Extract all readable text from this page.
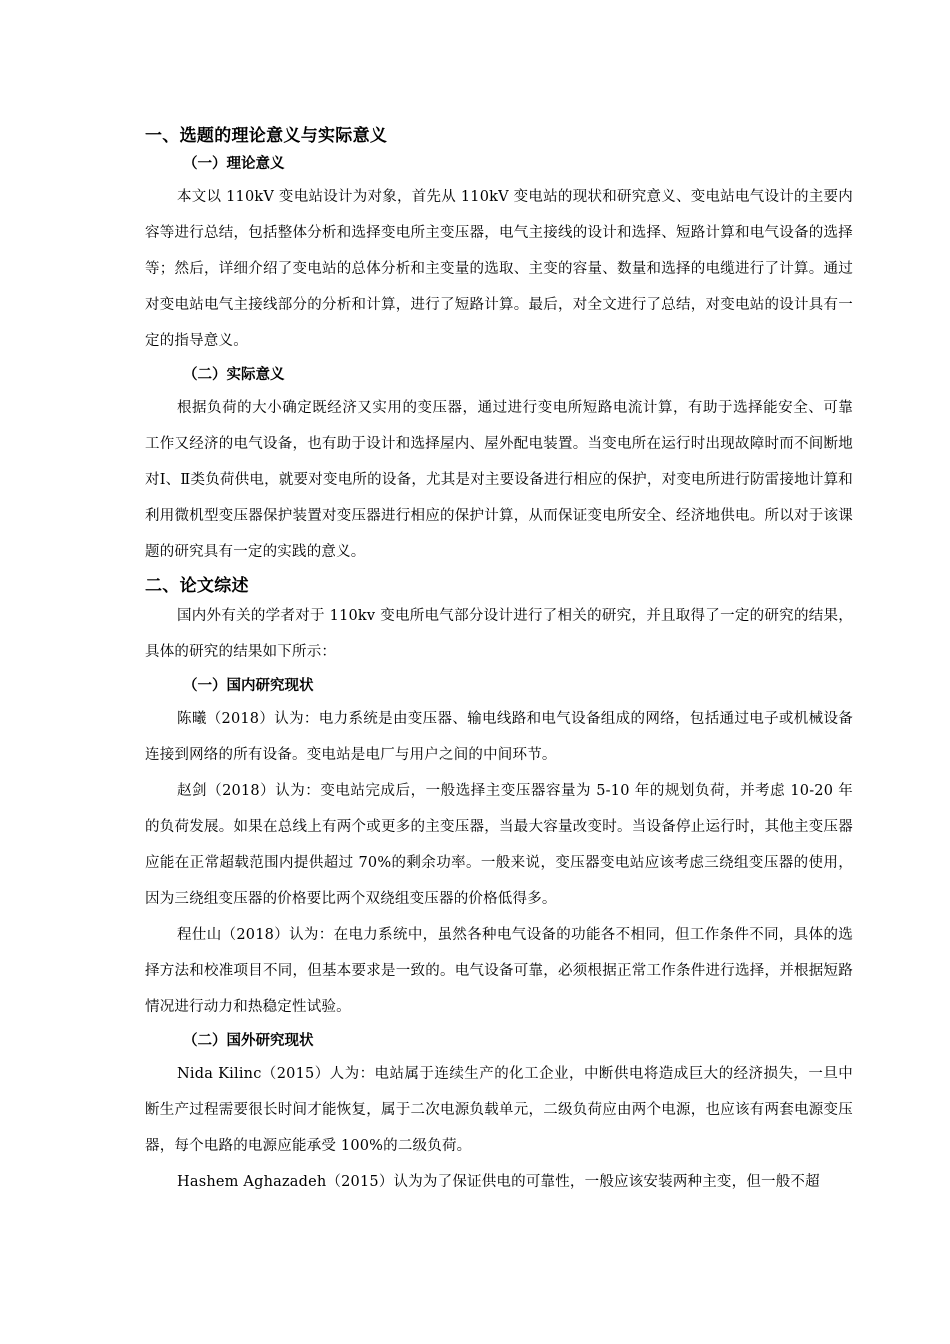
一、选题的理论意义与实际意义
（一）理论意义

本文以 110kV 变电站设计为对象，首先从 110kV 变电站的现状和研究意义、变电站电气设计的主要内容等进行总结，包括整体分析和选择变电所主变压器，电气主接线的设计和选择、短路计算和电气设备的选择等；然后，详细介绍了变电站的总体分析和主变量的选取、主变的容量、数量和选择的电缆进行了计算。通过对变电站电气主接线部分的分析和计算，进行了短路计算。最后，对全文进行了总结，对变电站的设计具有一定的指导意义。

（二）实际意义

根据负荷的大小确定既经济又实用的变压器，通过进行变电所短路电流计算，有助于选择能安全、可靠工作又经济的电气设备，也有助于设计和选择屋内、屋外配电装置。当变电所在运行时出现故障时而不间断地对Ⅰ、Ⅱ类负荷供电，就要对变电所的设备，尤其是对主要设备进行相应的保护，对变电所进行防雷接地计算和利用微机型变压器保护装置对变压器进行相应的保护计算，从而保证变电所安全、经济地供电。所以对于该课题的研究具有一定的实践的意义。

二、论文综述

国内外有关的学者对于 110kv 变电所电气部分设计进行了相关的研究，并且取得了一定的研究的结果，具体的研究的结果如下所示：

（一）国内研究现状

陈曦（2018）认为：电力系统是由变压器、输电线路和电气设备组成的网络，包括通过电子或机械设备连接到网络的所有设备。变电站是电厂与用户之间的中间环节。

赵剑（2018）认为：变电站完成后，一般选择主变压器容量为 5-10 年的规划负荷，并考虑 10-20 年的负荷发展。如果在总线上有两个或更多的主变压器，当最大容量改变时。当设备停止运行时，其他主变压器应能在正常超载范围内提供超过 70%的剩余功率。一般来说，变压器变电站应该考虑三绕组变压器的使用，因为三绕组变压器的价格要比两个双绕组变压器的价格低得多。

程仕山（2018）认为：在电力系统中，虽然各种电气设备的功能各不相同，但工作条件不同，具体的选择方法和校准项目不同，但基本要求是一致的。电气设备可靠，必须根据正常工作条件进行选择，并根据短路情况进行动力和热稳定性试验。

（二）国外研究现状

Nida Kilinc（2015）人为：电站属于连续生产的化工企业，中断供电将造成巨大的经济损失，一旦中断生产过程需要很长时间才能恢复，属于二次电源负载单元，二级负荷应由两个电源，也应该有两套电源变压器，每个电路的电源应能承受 100%的二级负荷。

Hashem Aghazadeh（2015）认为为了保证供电的可靠性，一般应该安装两种主变，但一般不超
